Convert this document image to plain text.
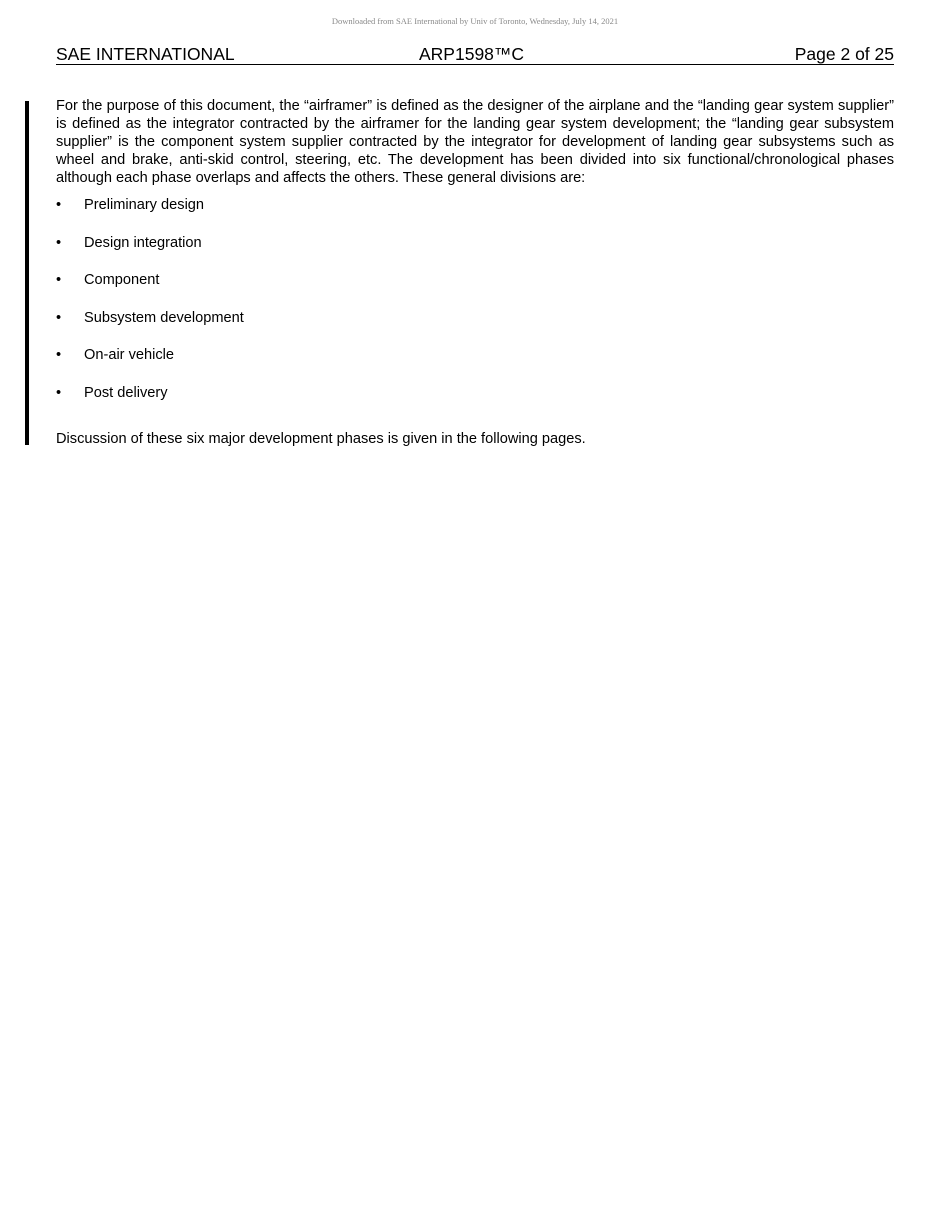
Downloaded from SAE International by Univ of Toronto, Wednesday, July 14, 2021
SAE INTERNATIONAL	ARP1598™C	Page 2 of 25

For the purpose of this document, the “airframer” is defined as the designer of the airplane and the “landing gear system supplier” is defined as the integrator contracted by the airframer for the landing gear system development; the “landing gear subsystem supplier” is the component system supplier contracted by the integrator for development of landing gear subsystems such as wheel and brake, anti-skid control, steering, etc. The development has been divided into six functional/chronological phases although each phase overlaps and affects the others. These general divisions are:

• Preliminary design
• Design integration
• Component
• Subsystem development
• On-air vehicle
• Post delivery

Discussion of these six major development phases is given in the following pages.
